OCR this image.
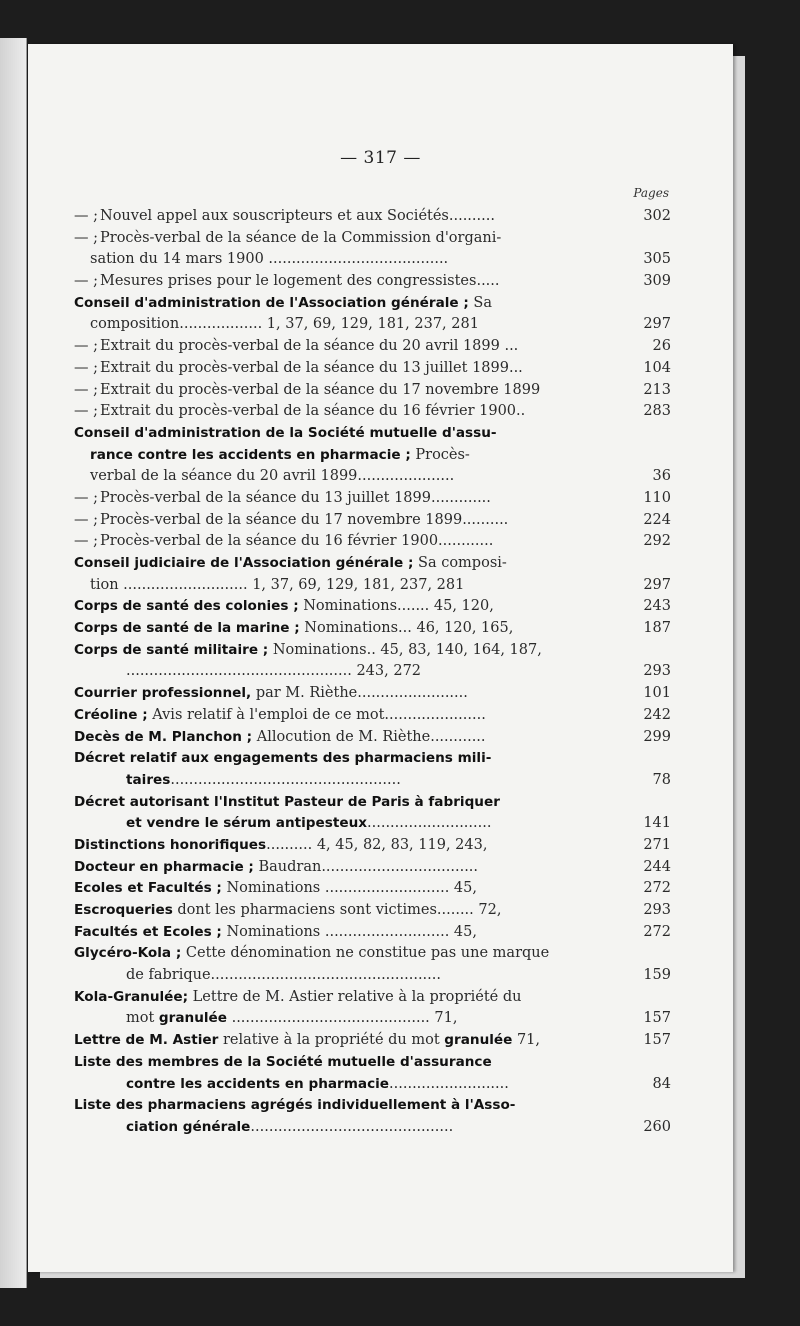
— 317 —
Pages
— ; Nouvel appel aux souscripteurs et aux Sociétés..........	302
— ; Procès-verbal de la séance de la Commission d'organi-
sation du 14 mars 1900 .......................................	305
— ; Mesures prises pour le logement des congressistes.....	309
Conseil d'administration de l'Association générale ; Sa
composition.................. 1, 37, 69, 129, 181, 237, 281	297
— ; Extrait du procès-verbal de la séance du 20 avril 1899 ...	26
— ; Extrait du procès-verbal de la séance du 13 juillet 1899...	104
— ; Extrait du procès-verbal de la séance du 17 novembre 1899	213
— ; Extrait du procès-verbal de la séance du 16 février 1900..	283
Conseil d'administration de la Société mutuelle d'assu-
rance contre les accidents en pharmacie ; Procès-
verbal de la séance du 20 avril 1899.....................	36
— ; Procès-verbal de la séance du 13 juillet 1899.............	110
— ; Procès-verbal de la séance du 17 novembre 1899..........	224
— ; Procès-verbal de la séance du 16 février 1900............	292
Conseil judiciaire de l'Association générale ; Sa composi-
tion ........................... 1, 37, 69, 129, 181, 237, 281	297
Corps de santé des colonies ; Nominations....... 45, 120,	243
Corps de santé de la marine ; Nominations... 46, 120, 165,	187
Corps de santé militaire ; Nominations.. 45, 83, 140, 164, 187,
................................................. 243, 272	293
Courrier professionnel, par M. Rièthe........................	101
Créoline ; Avis relatif à l'emploi de ce mot......................	242
Decès de M. Planchon ; Allocution de M. Rièthe............	299
Décret relatif aux engagements des pharmaciens mili-
taires..................................................	78
Décret autorisant l'Institut Pasteur de Paris à fabriquer
et vendre le sérum antipesteux...........................	141
Distinctions honorifiques.......... 4, 45, 82, 83, 119, 243,	271
Docteur en pharmacie ; Baudran..................................	244
Ecoles et Facultés ; Nominations ........................... 45,	272
Escroqueries dont les pharmaciens sont victimes........ 72,	293
Facultés et Ecoles ; Nominations ........................... 45,	272
Glycéro-Kola ; Cette dénomination ne constitue pas une marque
de fabrique..................................................	159
Kola-Granulée; Lettre de M. Astier relative à la propriété du
mot granulée ........................................... 71,	157
Lettre de M. Astier relative à la propriété du mot granulée 71,	157
Liste des membres de la Société mutuelle d'assurance
contre les accidents en pharmacie..........................	84
Liste des pharmaciens agrégés individuellement à l'Asso-
ciation générale............................................	260
